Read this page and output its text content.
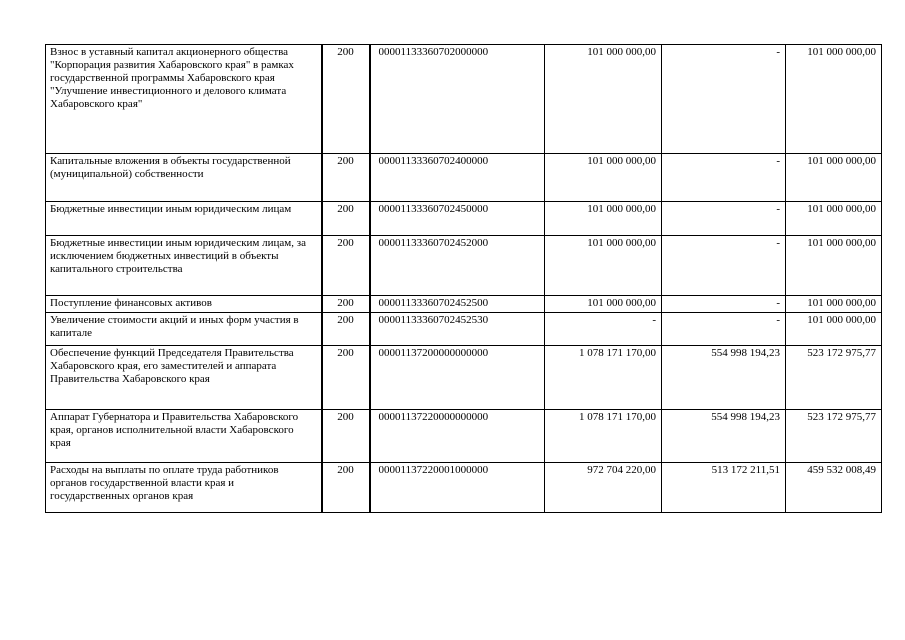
Взнос в уставный капитал акционерного общества "Корпорация развития Хабаровского края" в рамках государственной программы Хабаровского края "Улучшение инвестиционного и делового климата Хабаровского края"	200	00001133360702000000	101 000 000,00	-	101 000 000,00
Капитальные вложения в объекты государственной (муниципальной) собственности	200	00001133360702400000	101 000 000,00	-	101 000 000,00
Бюджетные инвестиции иным юридическим лицам	200	00001133360702450000	101 000 000,00	-	101 000 000,00
Бюджетные инвестиции иным юридическим лицам, за исключением бюджетных инвестиций в объекты капитального строительства	200	00001133360702452000	101 000 000,00	-	101 000 000,00
Поступление финансовых активов	200	00001133360702452500	101 000 000,00	-	101 000 000,00
Увеличение стоимости акций и иных форм участия в капитале	200	00001133360702452530	-	-	101 000 000,00
Обеспечение функций Председателя Правительства Хабаровского края, его заместителей и аппарата Правительства Хабаровского края	200	00001137200000000000	1 078 171 170,00	554 998 194,23	523 172 975,77
Аппарат Губернатора и Правительства Хабаровского края, органов исполнительной власти Хабаровского края	200	00001137220000000000	1 078 171 170,00	554 998 194,23	523 172 975,77
Расходы на выплаты по оплате труда работников органов государственной власти края и государственных органов края	200	00001137220001000000	972 704 220,00	513 172 211,51	459 532 008,49
